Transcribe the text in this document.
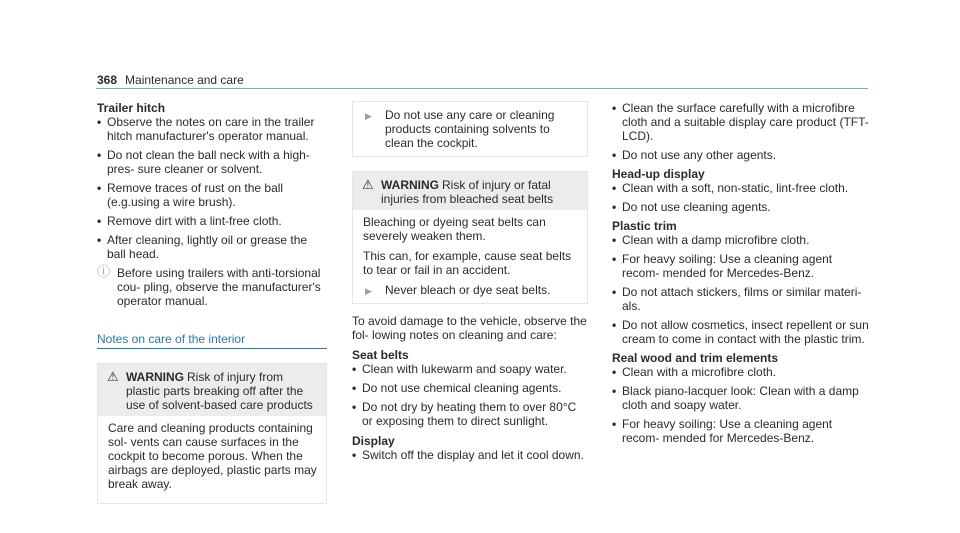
368 Maintenance and care

Trailer hitch

• Observe the notes on care in the trailer hitch manufacturer's operator manual.
• Do not clean the ball neck with a high-pres- sure cleaner or solvent.
• Remove traces of rust on the ball (e.g.using a wire brush).
• Remove dirt with a lint-free cloth.
• After cleaning, lightly oil or grease the ball head.
ⓘ Before using trailers with anti-torsional cou- pling, observe the manufacturer's operator manual.

Notes on care of the interior

⚠ WARNING Risk of injury from plastic parts breaking off after the use of solvent-based care products

Care and cleaning products containing sol- vents can cause surfaces in the cockpit to become porous. When the airbags are deployed, plastic parts may break away.

▶ Do not use any care or cleaning products containing solvents to clean the cockpit.
⚠ WARNING Risk of injury or fatal injuries from bleached seat belts

Bleaching or dyeing seat belts can severely weaken them.

This can, for example, cause seat belts to tear or fail in an accident.

▶ Never bleach or dye seat belts.

To avoid damage to the vehicle, observe the fol- lowing notes on cleaning and care:

Seat belts

• Clean with lukewarm and soapy water.
• Do not use chemical cleaning agents.
• Do not dry by heating them to over 80°C or exposing them to direct sunlight.

Display

• Switch off the display and let it cool down.
• Clean the surface carefully with a microfibre cloth and a suitable display care product (TFT- LCD).
• Do not use any other agents.

Head-up display

• Clean with a soft, non-static, lint-free cloth.
• Do not use cleaning agents.

Plastic trim

• Clean with a damp microfibre cloth.
• For heavy soiling: Use a cleaning agent recom- mended for Mercedes-Benz.
• Do not attach stickers, films or similar materi- als.
• Do not allow cosmetics, insect repellent or sun cream to come in contact with the plastic trim.

Real wood and trim elements

• Clean with a microfibre cloth.
• Black piano-lacquer look: Clean with a damp cloth and soapy water.
• For heavy soiling: Use a cleaning agent recom- mended for Mercedes-Benz.
